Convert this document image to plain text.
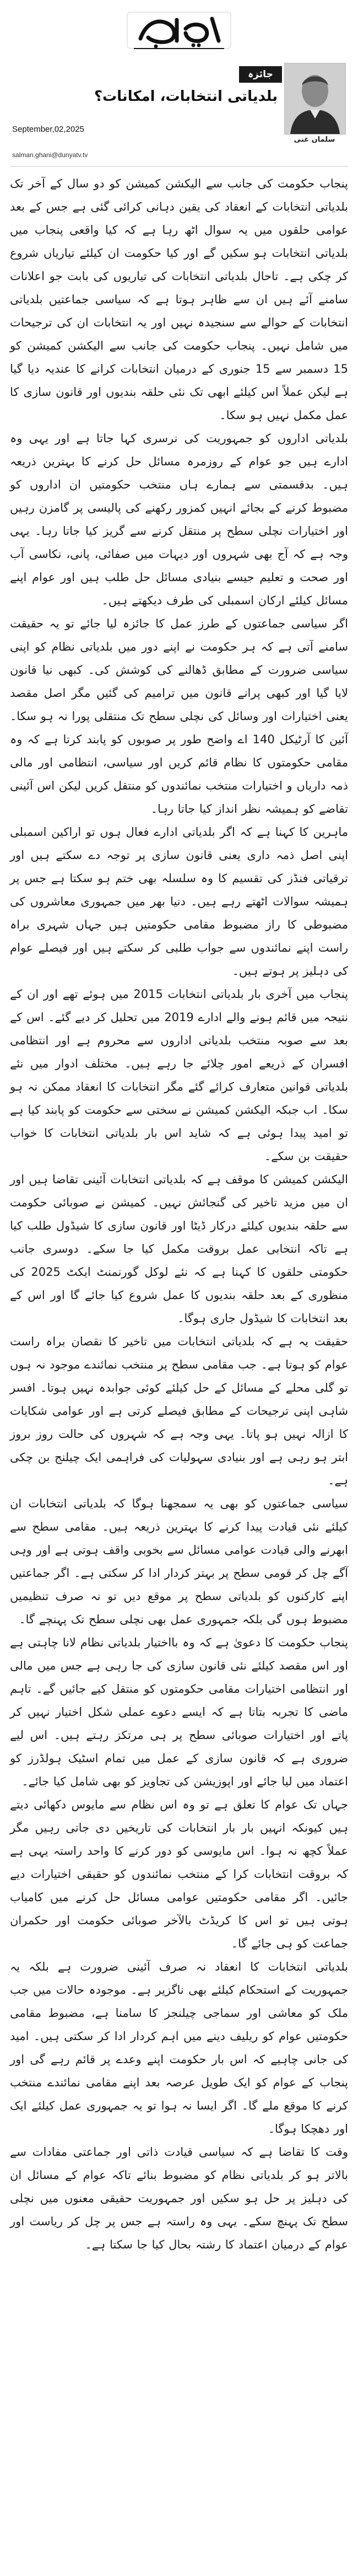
جائزہ
سلمان غنی
بلدیاتی انتخابات، امکانات؟
September,02,2025
salman.ghani@dunyatv.tv

پنجاب حکومت کی جانب سے الیکشن کمیشن کو دو سال کے آخر تک بلدیاتی انتخابات کے انعقاد کی یقین دہانی کرائی گئی ہے جس کے بعد عوامی حلقوں میں یہ سوال اٹھ رہا ہے کہ کیا واقعی پنجاب میں بلدیاتی انتخابات ہو سکیں گے اور کیا حکومت ان کیلئے تیاریاں شروع کر چکی ہے۔ تاحال بلدیاتی انتخابات کی تیاریوں کی بابت جو اعلانات سامنے آئے ہیں ان سے ظاہر ہوتا ہے کہ سیاسی جماعتیں بلدیاتی انتخابات کے حوالے سے سنجیدہ نہیں اور یہ انتخابات ان کی ترجیحات میں شامل نہیں۔ پنجاب حکومت کی جانب سے الیکشن کمیشن کو 15 دسمبر سے 15 جنوری کے درمیان انتخابات کرانے کا عندیہ دیا گیا ہے لیکن عملاً اس کیلئے ابھی تک نئی حلقہ بندیوں اور قانون سازی کا عمل مکمل نہیں ہو سکا۔

بلدیاتی اداروں کو جمہوریت کی نرسری کہا جاتا ہے اور یہی وہ ادارے ہیں جو عوام کے روزمرہ مسائل حل کرنے کا بہترین ذریعہ ہیں۔ بدقسمتی سے ہمارے ہاں منتخب حکومتیں ان اداروں کو مضبوط کرنے کے بجائے انہیں کمزور رکھنے کی پالیسی پر گامزن رہیں اور اختیارات نچلی سطح پر منتقل کرنے سے گریز کیا جاتا رہا۔ یہی وجہ ہے کہ آج بھی شہروں اور دیہات میں صفائی، پانی، نکاسی آب اور صحت و تعلیم جیسے بنیادی مسائل حل طلب ہیں اور عوام اپنے مسائل کیلئے ارکان اسمبلی کی طرف دیکھتے ہیں۔

اگر سیاسی جماعتوں کے طرز عمل کا جائزہ لیا جائے تو یہ حقیقت سامنے آتی ہے کہ ہر حکومت نے اپنے دور میں بلدیاتی نظام کو اپنی سیاسی ضرورت کے مطابق ڈھالنے کی کوشش کی۔ کبھی نیا قانون لایا گیا اور کبھی پرانے قانون میں ترامیم کی گئیں مگر اصل مقصد یعنی اختیارات اور وسائل کی نچلی سطح تک منتقلی پورا نہ ہو سکا۔ آئین کا آرٹیکل 140 اے واضح طور پر صوبوں کو پابند کرتا ہے کہ وہ مقامی حکومتوں کا نظام قائم کریں اور سیاسی، انتظامی اور مالی ذمہ داریاں و اختیارات منتخب نمائندوں کو منتقل کریں لیکن اس آئینی تقاضے کو ہمیشہ نظر انداز کیا جاتا رہا۔

ماہرین کا کہنا ہے کہ اگر بلدیاتی ادارے فعال ہوں تو اراکین اسمبلی اپنی اصل ذمہ داری یعنی قانون سازی پر توجہ دے سکتے ہیں اور ترقیاتی فنڈز کی تقسیم کا وہ سلسلہ بھی ختم ہو سکتا ہے جس پر ہمیشہ سوالات اٹھتے رہے ہیں۔ دنیا بھر میں جمہوری معاشروں کی مضبوطی کا راز مضبوط مقامی حکومتیں ہیں جہاں شہری براہ راست اپنے نمائندوں سے جواب طلبی کر سکتے ہیں اور فیصلے عوام کی دہلیز پر ہوتے ہیں۔

پنجاب میں آخری بار بلدیاتی انتخابات 2015 میں ہوئے تھے اور ان کے نتیجہ میں قائم ہونے والے ادارے 2019 میں تحلیل کر دیے گئے۔ اس کے بعد سے صوبہ منتخب بلدیاتی اداروں سے محروم ہے اور انتظامی افسران کے ذریعے امور چلائے جا رہے ہیں۔ مختلف ادوار میں نئے بلدیاتی قوانین متعارف کرائے گئے مگر انتخابات کا انعقاد ممکن نہ ہو سکا۔ اب جبکہ الیکشن کمیشن نے سختی سے حکومت کو پابند کیا ہے تو امید پیدا ہوئی ہے کہ شاید اس بار بلدیاتی انتخابات کا خواب حقیقت بن سکے۔

الیکشن کمیشن کا موقف ہے کہ بلدیاتی انتخابات آئینی تقاضا ہیں اور ان میں مزید تاخیر کی گنجائش نہیں۔ کمیشن نے صوبائی حکومت سے حلقہ بندیوں کیلئے درکار ڈیٹا اور قانون سازی کا شیڈول طلب کیا ہے تاکہ انتخابی عمل بروقت مکمل کیا جا سکے۔ دوسری جانب حکومتی حلقوں کا کہنا ہے کہ نئے لوکل گورنمنٹ ایکٹ 2025 کی منظوری کے بعد حلقہ بندیوں کا عمل شروع کیا جائے گا اور اس کے بعد انتخابات کا شیڈول جاری ہوگا۔

حقیقت یہ ہے کہ بلدیاتی انتخابات میں تاخیر کا نقصان براہ راست عوام کو ہوتا ہے۔ جب مقامی سطح پر منتخب نمائندے موجود نہ ہوں تو گلی محلے کے مسائل کے حل کیلئے کوئی جوابدہ نہیں ہوتا۔ افسر شاہی اپنی ترجیحات کے مطابق فیصلے کرتی ہے اور عوامی شکایات کا ازالہ نہیں ہو پاتا۔ یہی وجہ ہے کہ شہروں کی حالت روز بروز ابتر ہو رہی ہے اور بنیادی سہولیات کی فراہمی ایک چیلنج بن چکی ہے۔

سیاسی جماعتوں کو بھی یہ سمجھنا ہوگا کہ بلدیاتی انتخابات ان کیلئے نئی قیادت پیدا کرنے کا بہترین ذریعہ ہیں۔ مقامی سطح سے ابھرنے والی قیادت عوامی مسائل سے بخوبی واقف ہوتی ہے اور وہی آگے چل کر قومی سطح پر بہتر کردار ادا کر سکتی ہے۔ اگر جماعتیں اپنے کارکنوں کو بلدیاتی سطح پر موقع دیں تو نہ صرف تنظیمیں مضبوط ہوں گی بلکہ جمہوری عمل بھی نچلی سطح تک پہنچے گا۔

پنجاب حکومت کا دعویٰ ہے کہ وہ بااختیار بلدیاتی نظام لانا چاہتی ہے اور اس مقصد کیلئے نئی قانون سازی کی جا رہی ہے جس میں مالی اور انتظامی اختیارات مقامی حکومتوں کو منتقل کیے جائیں گے۔ تاہم ماضی کا تجربہ بتاتا ہے کہ ایسے دعوے عملی شکل اختیار نہیں کر پاتے اور اختیارات صوبائی سطح پر ہی مرتکز رہتے ہیں۔ اس لیے ضروری ہے کہ قانون سازی کے عمل میں تمام اسٹیک ہولڈرز کو اعتماد میں لیا جائے اور اپوزیشن کی تجاویز کو بھی شامل کیا جائے۔

جہاں تک عوام کا تعلق ہے تو وہ اس نظام سے مایوس دکھائی دیتے ہیں کیونکہ انہیں بار بار انتخابات کی تاریخیں دی جاتی رہیں مگر عملاً کچھ نہ ہوا۔ اس مایوسی کو دور کرنے کا واحد راستہ یہی ہے کہ بروقت انتخابات کرا کے منتخب نمائندوں کو حقیقی اختیارات دیے جائیں۔ اگر مقامی حکومتیں عوامی مسائل حل کرنے میں کامیاب ہوتی ہیں تو اس کا کریڈٹ بالآخر صوبائی حکومت اور حکمران جماعت کو ہی جائے گا۔

بلدیاتی انتخابات کا انعقاد نہ صرف آئینی ضرورت ہے بلکہ یہ جمہوریت کے استحکام کیلئے بھی ناگزیر ہے۔ موجودہ حالات میں جب ملک کو معاشی اور سماجی چیلنجز کا سامنا ہے، مضبوط مقامی حکومتیں عوام کو ریلیف دینے میں اہم کردار ادا کر سکتی ہیں۔ امید کی جانی چاہیے کہ اس بار حکومت اپنے وعدے پر قائم رہے گی اور پنجاب کے عوام کو ایک طویل عرصہ بعد اپنے مقامی نمائندے منتخب کرنے کا موقع ملے گا۔ اگر ایسا نہ ہوا تو یہ جمہوری عمل کیلئے ایک اور دھچکا ہوگا۔

وقت کا تقاضا ہے کہ سیاسی قیادت ذاتی اور جماعتی مفادات سے بالاتر ہو کر بلدیاتی نظام کو مضبوط بنائے تاکہ عوام کے مسائل ان کی دہلیز پر حل ہو سکیں اور جمہوریت حقیقی معنوں میں نچلی سطح تک پہنچ سکے۔ یہی وہ راستہ ہے جس پر چل کر ریاست اور عوام کے درمیان اعتماد کا رشتہ بحال کیا جا سکتا ہے۔
